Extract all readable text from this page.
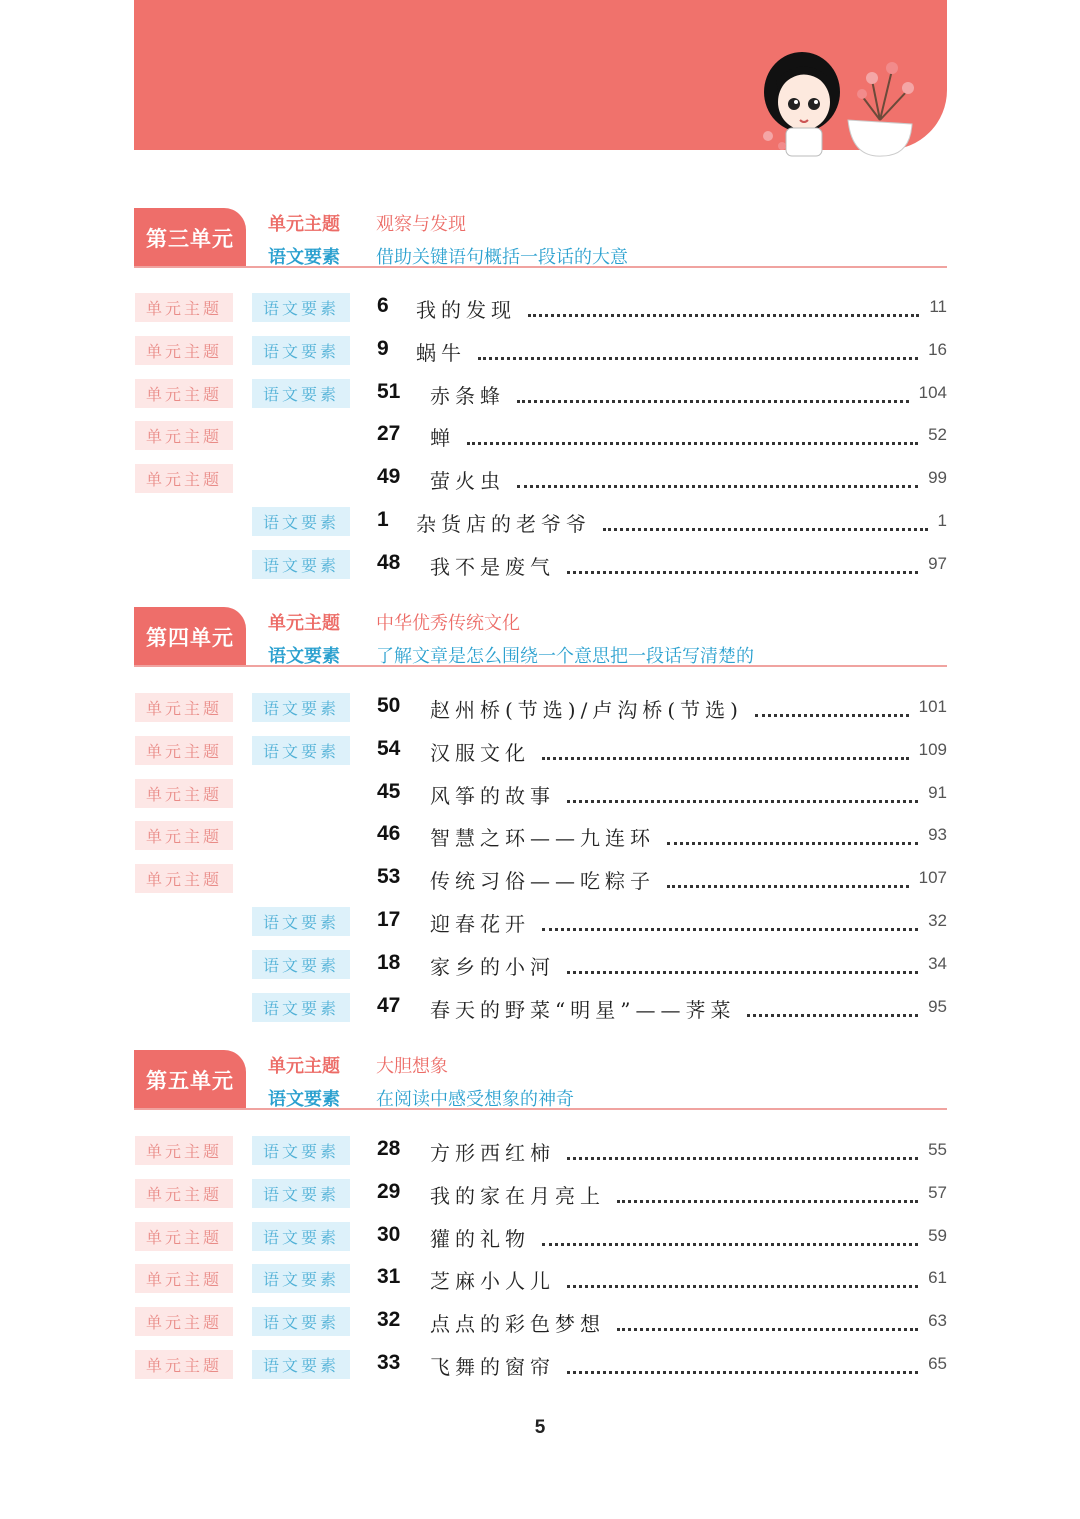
第三单元
单元主题 观察与发现
语文要素 借助关键语句概括一段话的大意
单元主题	语文要素	6 我的发现	11
单元主题	语文要素	9 蜗牛	16
单元主题	语文要素	51 赤条蜂	104
单元主题	27 蝉	52
单元主题	49 萤火虫	99
语文要素	1 杂货店的老爷爷	1
语文要素	48 我不是废气	97
第四单元
单元主题 中华优秀传统文化
语文要素 了解文章是怎么围绕一个意思把一段话写清楚的
单元主题	语文要素	50 赵州桥(节选)/卢沟桥(节选)	101
单元主题	语文要素	54 汉服文化	109
单元主题	45 风筝的故事	91
单元主题	46 智慧之环——九连环	93
单元主题	53 传统习俗——吃粽子	107
语文要素	17 迎春花开	32
语文要素	18 家乡的小河	34
语文要素	47 春天的野菜“明星”——荠菜	95
第五单元
单元主题 大胆想象
语文要素 在阅读中感受想象的神奇
单元主题	语文要素	28 方形西红柿	55
单元主题	语文要素	29 我的家在月亮上	57
单元主题	语文要素	30 獾的礼物	59
单元主题	语文要素	31 芝麻小人儿	61
单元主题	语文要素	32 点点的彩色梦想	63
单元主题	语文要素	33 飞舞的窗帘	65
5
